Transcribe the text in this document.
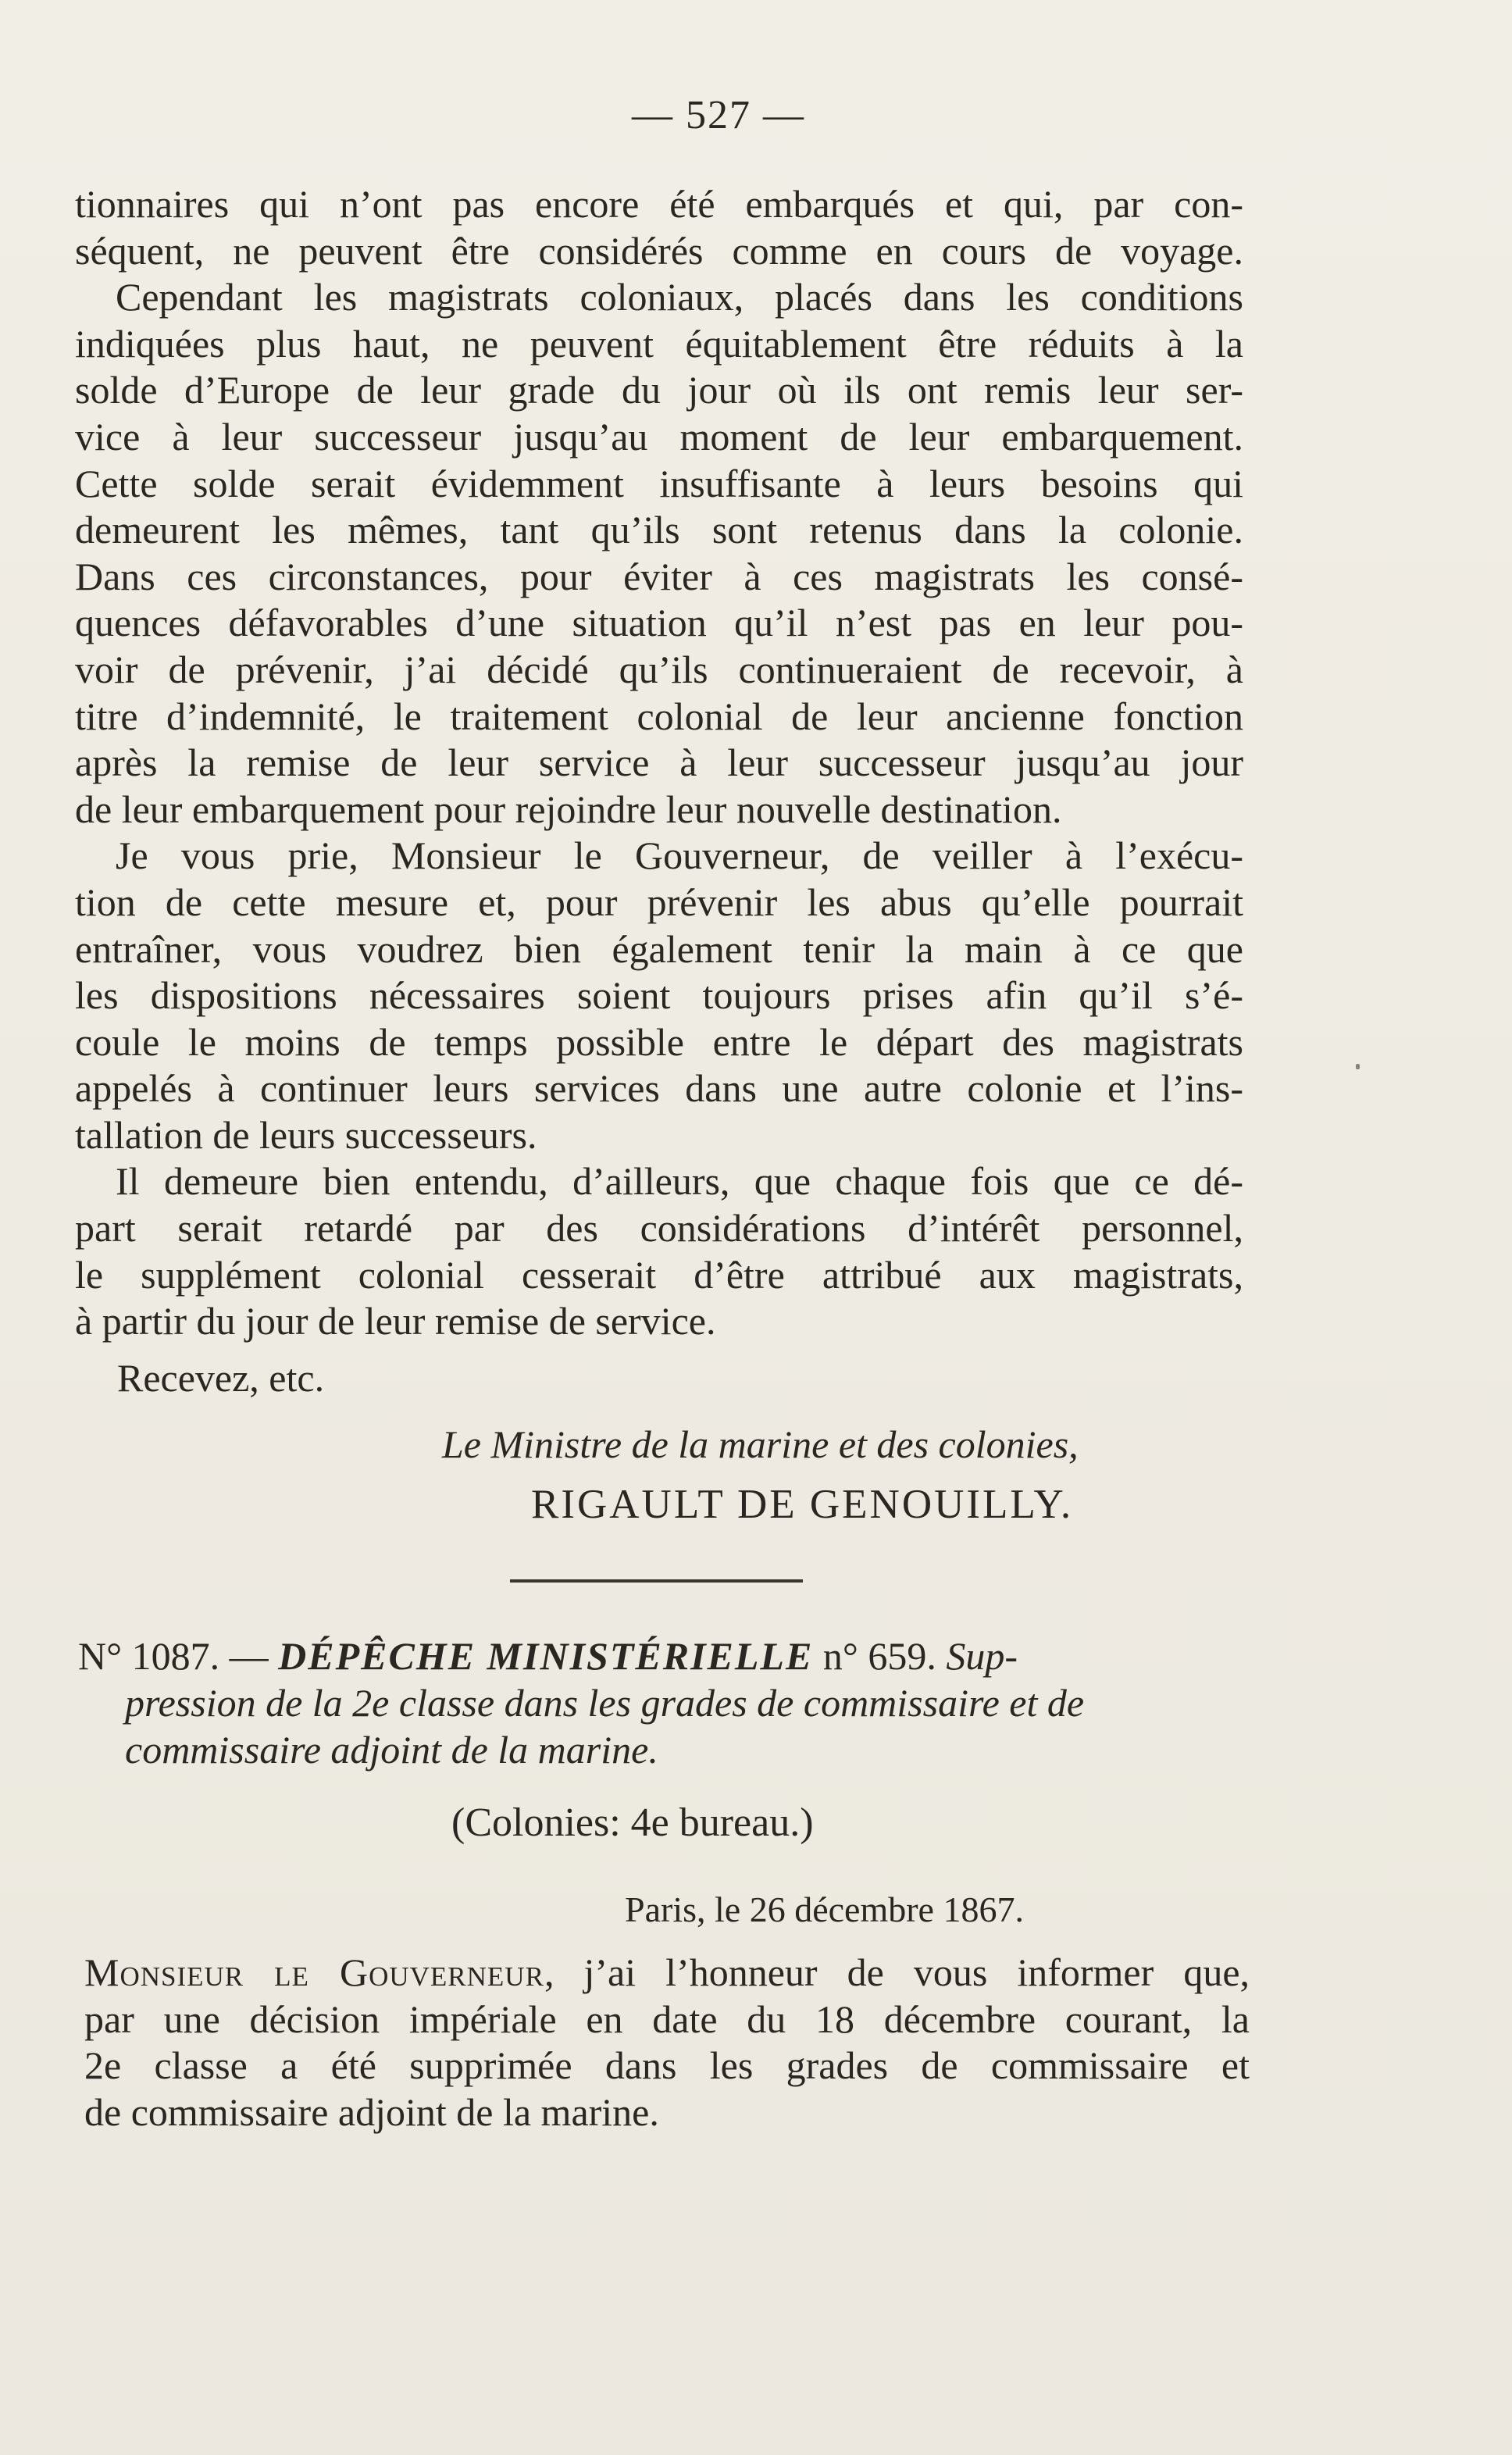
— 527 —
tionnaires qui n’ont pas encore été embarqués et qui, par con-
séquent, ne peuvent être considérés comme en cours de voyage.
Cependant les magistrats coloniaux, placés dans les conditions
indiquées plus haut, ne peuvent équitablement être réduits à la
solde d’Europe de leur grade du jour où ils ont remis leur ser-
vice à leur successeur jusqu’au moment de leur embarquement.
Cette solde serait évidemment insuffisante à leurs besoins qui
demeurent les mêmes, tant qu’ils sont retenus dans la colonie.
Dans ces circonstances, pour éviter à ces magistrats les consé-
quences défavorables d’une situation qu’il n’est pas en leur pou-
voir de prévenir, j’ai décidé qu’ils continueraient de recevoir, à
titre d’indemnité, le traitement colonial de leur ancienne fonction
après la remise de leur service à leur successeur jusqu’au jour
de leur embarquement pour rejoindre leur nouvelle destination.
Je vous prie, Monsieur le Gouverneur, de veiller à l’exécu-
tion de cette mesure et, pour prévenir les abus qu’elle pourrait
entraîner, vous voudrez bien également tenir la main à ce que
les dispositions nécessaires soient toujours prises afin qu’il s’é-
coule le moins de temps possible entre le départ des magistrats
appelés à continuer leurs services dans une autre colonie et l’ins-
tallation de leurs successeurs.
Il demeure bien entendu, d’ailleurs, que chaque fois que ce dé-
part serait retardé par des considérations d’intérêt personnel,
le supplément colonial cesserait d’être attribué aux magistrats,
à partir du jour de leur remise de service.
Recevez, etc.
Le Ministre de la marine et des colonies,
RIGAULT DE GENOUILLY.
N° 1087. — DÉPÊCHE MINISTÉRIELLE n° 659. Sup-
pression de la 2e classe dans les grades de commissaire et de
commissaire adjoint de la marine.
(Colonies: 4e bureau.)
Paris, le 26 décembre 1867.
Monsieur le Gouverneur, j’ai l’honneur de vous informer que,
par une décision impériale en date du 18 décembre courant, la
2e classe a été supprimée dans les grades de commissaire et
de commissaire adjoint de la marine.
